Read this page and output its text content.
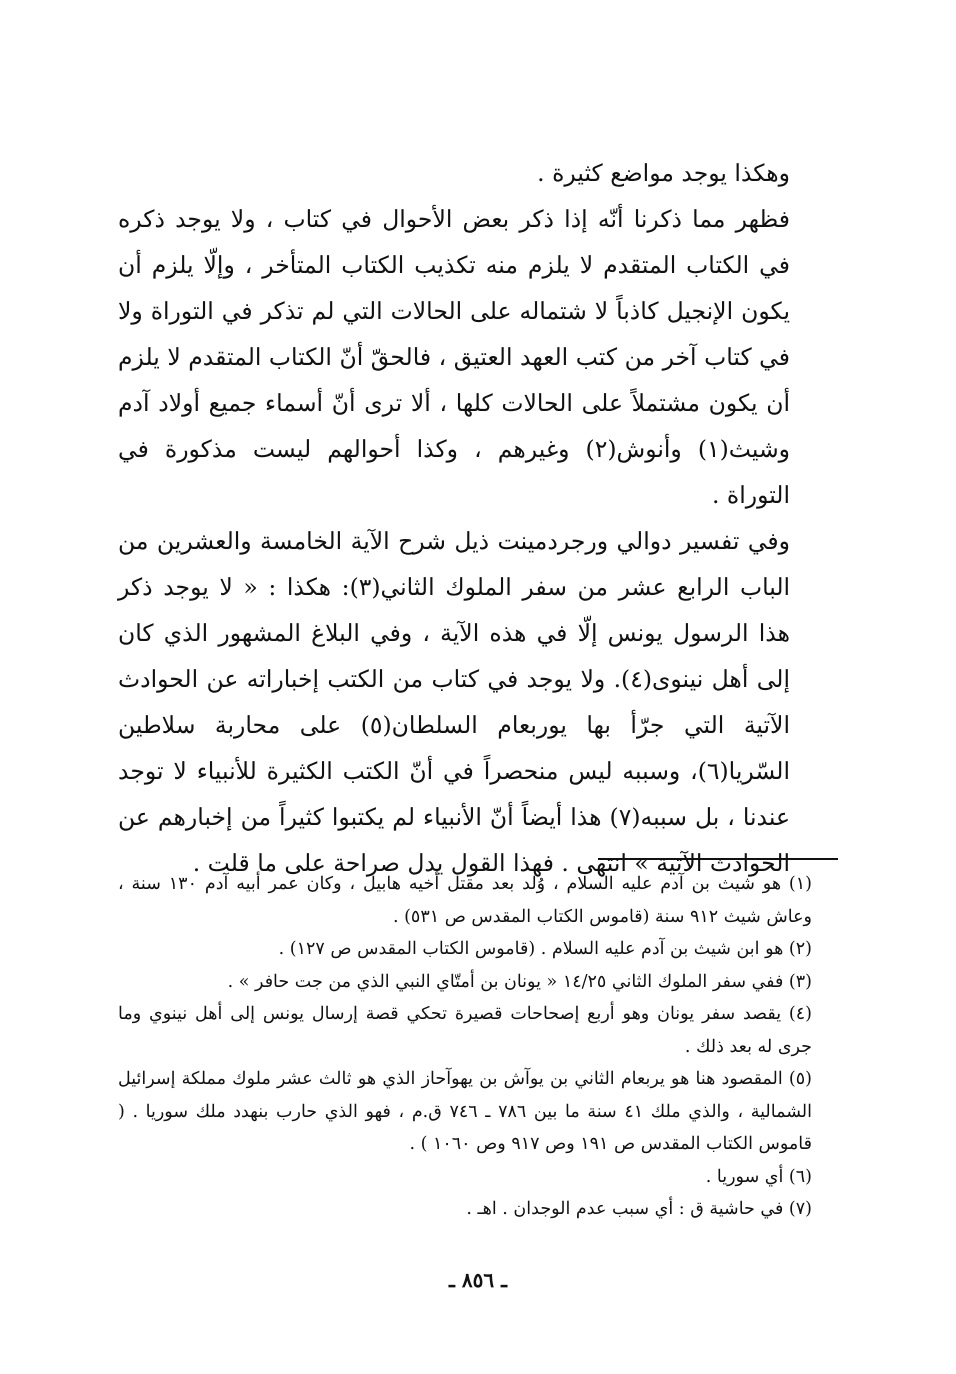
وهكذا يوجد مواضع كثيرة .

فظهر مما ذكرنا أنّه إذا ذكر بعض الأحوال في كتاب ، ولا يوجد ذكره في الكتاب المتقدم لا يلزم منه تكذيب الكتاب المتأخر ، وإلّا يلزم أن يكون الإنجيل كاذباً لا شتماله على الحالات التي لم تذكر في التوراة ولا في كتاب آخر من كتب العهد العتيق ، فالحقّ أنّ الكتاب المتقدم لا يلزم أن يكون مشتملاً على الحالات كلها ، ألا ترى أنّ أسماء جميع أولاد آدم وشيث(١) وأنوش(٢) وغيرهم ، وكذا أحوالهم ليست مذكورة في التوراة .

وفي تفسير دوالي ورجردمينت ذيل شرح الآية الخامسة والعشرين من الباب الرابع عشر من سفر الملوك الثاني(٣): هكذا : « لا يوجد ذكر هذا الرسول يونس إلّا في هذه الآية ، وفي البلاغ المشهور الذي كان إلى أهل نينوى(٤). ولا يوجد في كتاب من الكتب إخباراته عن الحوادث الآتية التي جرّأ بها يوربعام السلطان(٥) على محاربة سلاطين السّريا(٦)، وسببه ليس منحصراً في أنّ الكتب الكثيرة للأنبياء لا توجد عندنا ، بل سببه(٧) هذا أيضاً أنّ الأنبياء لم يكتبوا كثيراً من إخبارهم عن الحوادث الآتية » انتهى . فهذا القول يدل صراحة على ما قلت .

(١) هو شيث بن آدم عليه السلام ، وُلد بعد مقتل أخيه هابيل ، وكان عمر أبيه آدم ١٣٠ سنة ، وعاش شيث ٩١٢ سنة (قاموس الكتاب المقدس ص ٥٣١) .

(٢) هو ابن شيث بن آدم عليه السلام . (قاموس الكتاب المقدس ص ١٢٧) .

(٣) ففي سفر الملوك الثاني ١٤/٢٥ « يونان بن أمتّاي النبي الذي من جت حافر » .

(٤) يقصد سفر يونان وهو أربع إصحاحات قصيرة تحكي قصة إرسال يونس إلى أهل نينوي وما جرى له بعد ذلك .

(٥) المقصود هنا هو يربعام الثاني بن يوآش بن يهوآحاز الذي هو ثالث عشر ملوك مملكة إسرائيل الشمالية ، والذي ملك ٤١ سنة ما بين ٧٨٦ ـ ٧٤٦ ق.م ، فهو الذي حارب بنهدد ملك سوريا . ( قاموس الكتاب المقدس ص ١٩١ وص ٩١٧ وص ١٠٦٠ ) .

(٦) أي سوريا .

(٧) في حاشية ق : أي سبب عدم الوجدان . اهـ .

ـ ٨٥٦ ـ
